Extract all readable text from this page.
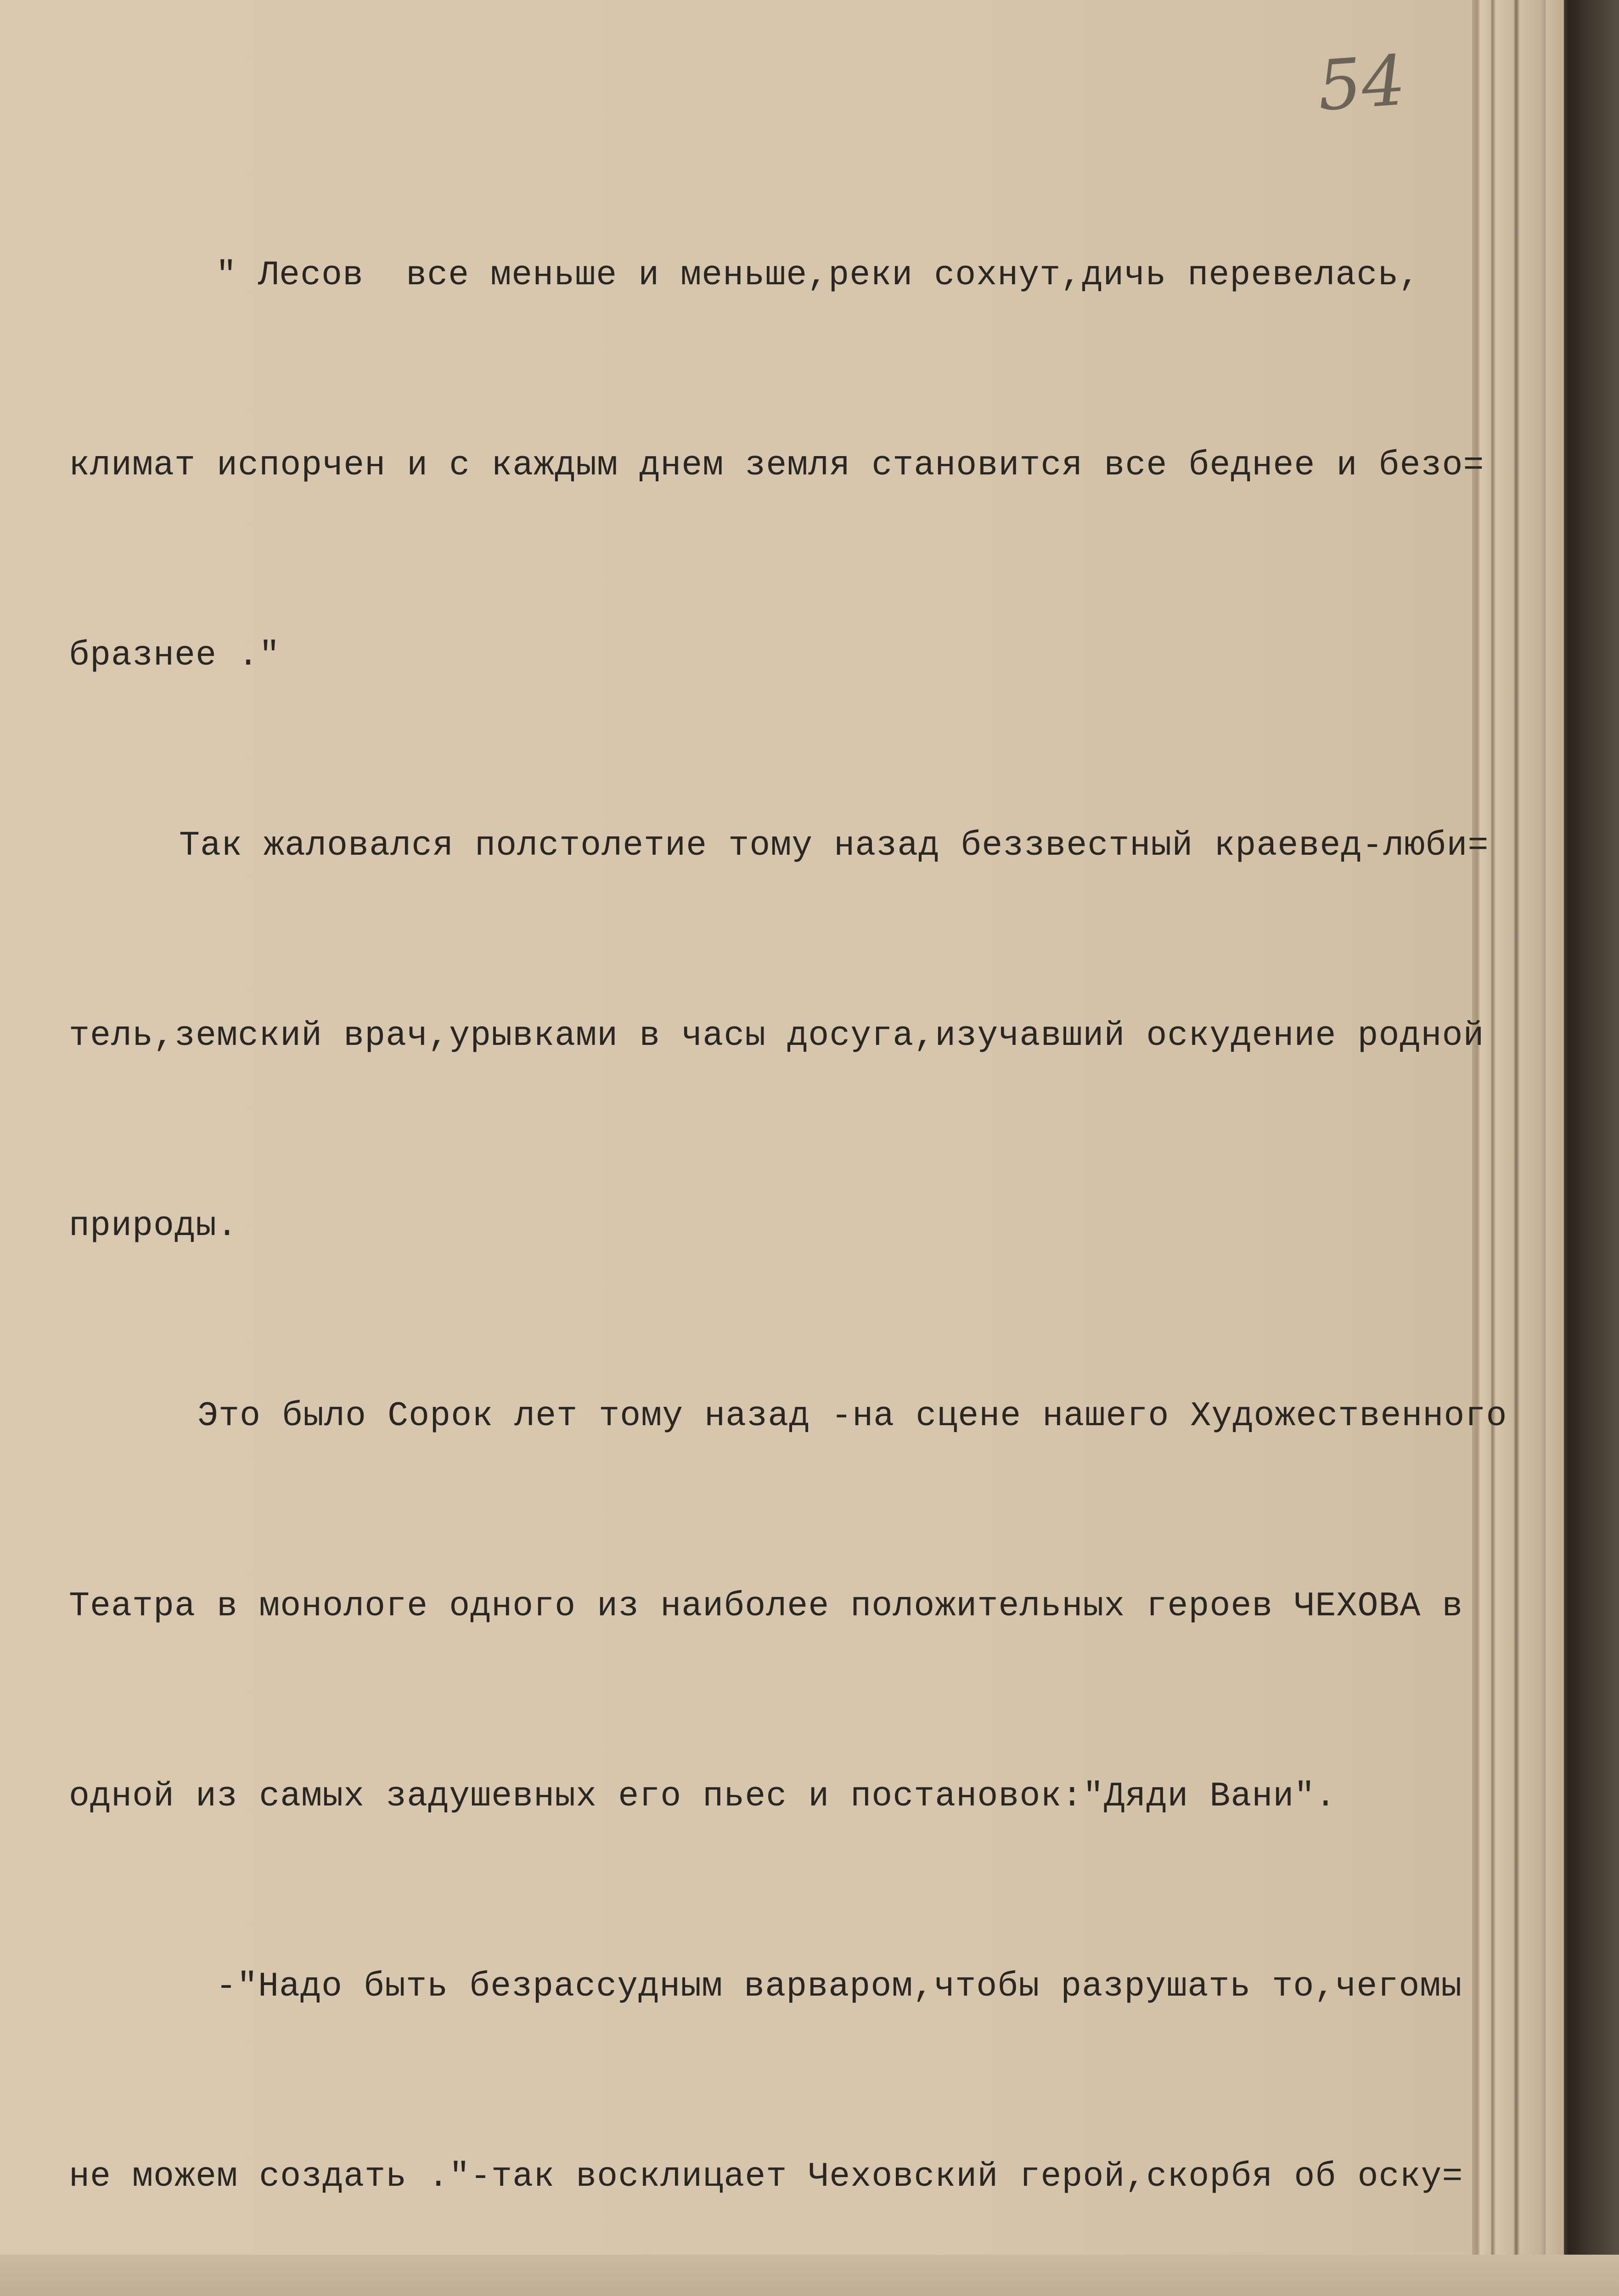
54

" Лесов  все меньше и меньше,реки сохнут,дичь перевелась,

климат испорчен и с каждым днем земля становится все беднее и безо=

бразнее ."

Так жаловался полстолетие тому назад беззвестный краевед-люби=

тель,земский врач,урывками в часы досуга,изучавший оскудение родной

природы.

Это было Сорок лет тому назад -на сцене нашего Художественного

Театра в монологе одного из наиболее положительных героев ЧЕХОВА в

одной из самых задушевных его пьес и постановок:"Дяди Вани".

-"Надо быть безрассудным варваром,чтобы разрушать то,чегомы

не можем создать ."-так восклицает Чеховский герой,скорбя об оску=
